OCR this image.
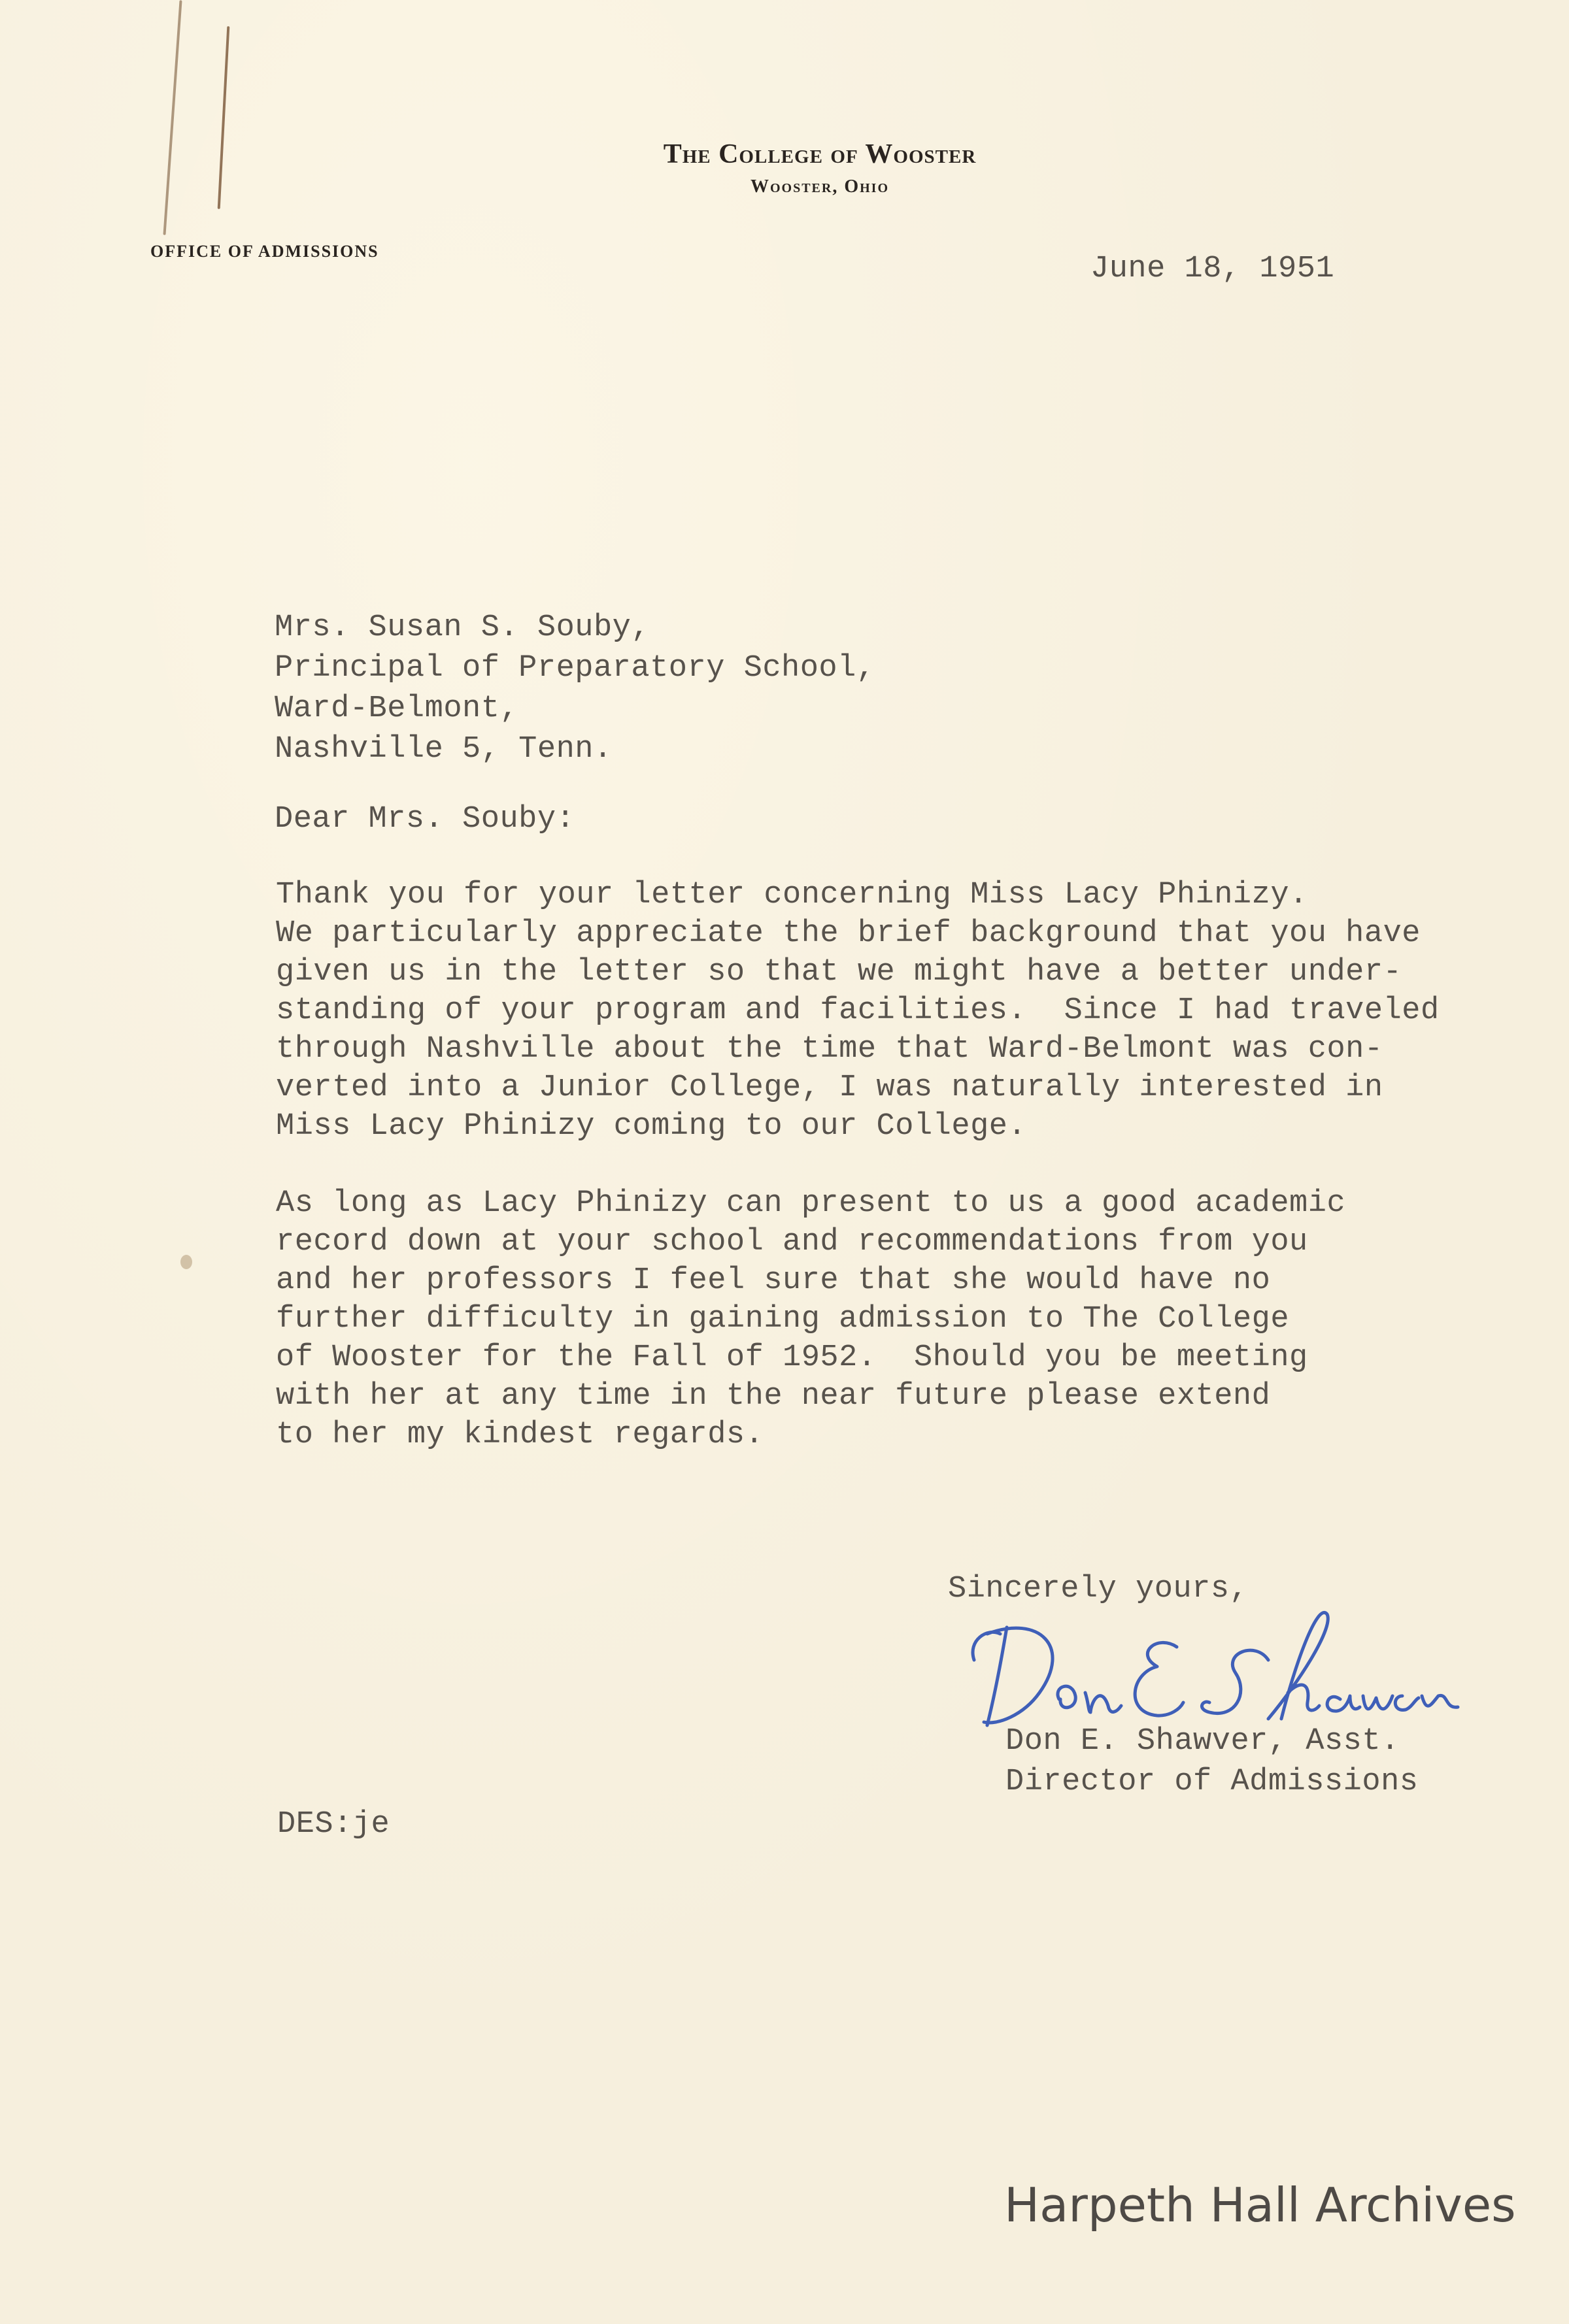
The College of Wooster
Wooster, Ohio
OFFICE OF ADMISSIONS
June 18, 1951
Mrs. Susan S. Souby,
Principal of Preparatory School,
Ward-Belmont,
Nashville 5, Tenn.
Dear Mrs. Souby:
Thank you for your letter concerning Miss Lacy Phinizy.
We particularly appreciate the brief background that you have
given us in the letter so that we might have a better under-
standing of your program and facilities.  Since I had traveled
through Nashville about the time that Ward-Belmont was con-
verted into a Junior College, I was naturally interested in
Miss Lacy Phinizy coming to our College.
As long as Lacy Phinizy can present to us a good academic
record down at your school and recommendations from you
and her professors I feel sure that she would have no
further difficulty in gaining admission to The College
of Wooster for the Fall of 1952.  Should you be meeting
with her at any time in the near future please extend
to her my kindest regards.
Sincerely yours,
Don E. Shawver, Asst.
Director of Admissions
DES:je
Harpeth Hall Archives
